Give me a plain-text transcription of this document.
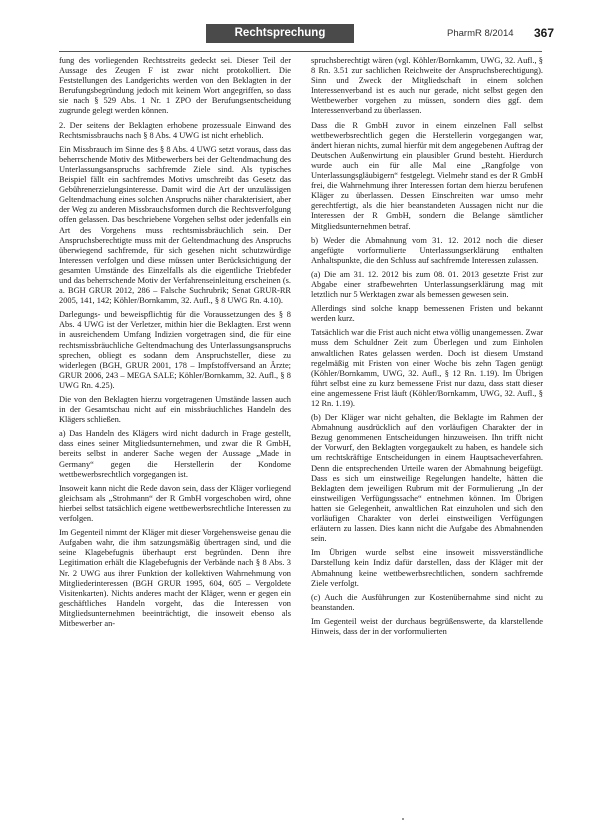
Rechtsprechung	PharmR 8/2014	367

fung des vorliegenden Rechtsstreits gedeckt sei. Dieser Teil der Aussage des Zeugen F ist zwar nicht protokolliert. Die Feststellungen des Landgerichts werden von den Beklagten in der Berufungsbegründung jedoch mit keinem Wort angegriffen, so dass sie nach § 529 Abs. 1 Nr. 1 ZPO der Berufungsentscheidung zugrunde gelegt werden können.

2. Der seitens der Beklagten erhobene prozessuale Einwand des Rechtsmissbrauchs nach § 8 Abs. 4 UWG ist nicht erheblich.

Ein Missbrauch im Sinne des § 8 Abs. 4 UWG setzt voraus, dass das beherrschende Motiv des Mitbewerbers bei der Geltendmachung des Unterlassungsanspruchs sachfremde Ziele sind. Als typisches Beispiel fällt ein sachfremdes Motivs umschreibt das Gesetz das Gebührenerzielungsinteresse. Damit wird die Art der unzulässigen Geltendmachung eines solchen Anspruchs näher charakterisiert, aber der Weg zu anderen Missbrauchsformen durch die Rechtsverfolgung offen gelassen. Das beschriebene Vorgehen selbst oder jedenfalls ein Art des Vorgehens muss rechtsmissbräuchlich sein. Der Anspruchsberechtigte muss mit der Geltendmachung des Anspruchs überwiegend sachfremde, für sich gesehen nicht schutzwürdige Interessen verfolgen und diese müssen unter Berücksichtigung der gesamten Umstände des Einzelfalls als die eigentliche Triebfeder und das beherrschende Motiv der Verfahrenseinleitung erscheinen (s. a. BGH GRUR 2012, 286 – Falsche Suchrubrik; Senat GRUR-RR 2005, 141, 142; Köhler/Bornkamm, 32. Aufl., § 8 UWG Rn. 4.10).

Darlegungs- und beweispflichtig für die Voraussetzungen des § 8 Abs. 4 UWG ist der Verletzer, mithin hier die Beklagten. Erst wenn in ausreichendem Umfang Indizien vorgetragen sind, die für eine rechtsmissbräuchliche Geltendmachung des Unterlassungsanspruchs sprechen, obliegt es sodann dem Anspruchsteller, diese zu widerlegen (BGH, GRUR 2001, 178 – Impfstoffversand an Ärzte; GRUR 2006, 243 – MEGA SALE; Köhler/Bornkamm, 32. Aufl., § 8 UWG Rn. 4.25).

Die von den Beklagten hierzu vorgetragenen Umstände lassen auch in der Gesamtschau nicht auf ein missbräuchliches Handeln des Klägers schließen.

a) Das Handeln des Klägers wird nicht dadurch in Frage gestellt, dass eines seiner Mitgliedsunternehmen, und zwar die R GmbH, bereits selbst in anderer Sache wegen der Aussage „Made in Germany“ gegen die Herstellerin der Kondome wettbewerbsrechtlich vorgegangen ist.

Insoweit kann nicht die Rede davon sein, dass der Kläger vorliegend gleichsam als „Strohmann“ der R GmbH vorgeschoben wird, ohne hierbei selbst tatsächlich eigene wettbewerbsrechtliche Interessen zu verfolgen.

Im Gegenteil nimmt der Kläger mit dieser Vorgehensweise genau die Aufgaben wahr, die ihm satzungsmäßig übertragen sind, und die seine Klagebefugnis überhaupt erst begründen. Denn ihre Legitimation erhält die Klagebefugnis der Verbände nach § 8 Abs. 3 Nr. 2 UWG aus ihrer Funktion der kollektiven Wahrnehmung von Mitgliederinteressen (BGH GRUR 1995, 604, 605 – Vergoldete Visitenkarten). Nichts anderes macht der Kläger, wenn er gegen ein geschäftliches Handeln vorgeht, das die Interessen von Mitgliedsunternehmen beeinträchtigt, die insoweit ebenso als Mitbewerber an-

spruchsberechtigt wären (vgl. Köhler/Bornkamm, UWG, 32. Aufl., § 8 Rn. 3.51 zur sachlichen Reichweite der Anspruchsberechtigung). Sinn und Zweck der Mitgliedschaft in einem solchen Interessenverband ist es auch nur gerade, nicht selbst gegen den Wettbewerber vorgehen zu müssen, sondern dies ggf. dem Interessenverband zu überlassen.

Dass die R GmbH zuvor in einem einzelnen Fall selbst wettbewerbsrechtlich gegen die Herstellerin vorgegangen war, ändert hieran nichts, zumal hierfür mit dem angegebenen Auftrag der Deutschen Außenwirtung ein plausibler Grund besteht. Hierdurch wurde auch ein für alle Mal eine „Rangfolge von Unterlassungsgläubigern“ festgelegt. Vielmehr stand es der R GmbH frei, die Wahrnehmung ihrer Interessen fortan dem hierzu berufenen Kläger zu überlassen. Dessen Einschreiten war umso mehr gerechtfertigt, als die hier beanstandeten Aussagen nicht nur die Interessen der R GmbH, sondern die Belange sämtlicher Mitgliedsunternehmen betraf.

b) Weder die Abmahnung vom 31. 12. 2012 noch die dieser angefügte vorformulierte Unterlassungserklärung enthalten Anhaltspunkte, die den Schluss auf sachfremde Interessen zulassen.

(a) Die am 31. 12. 2012 bis zum 08. 01. 2013 gesetzte Frist zur Abgabe einer strafbewehrten Unterlassungserklärung mag mit letztlich nur 5 Werktagen zwar als bemessen gewesen sein.

Allerdings sind solche knapp bemessenen Fristen und bekannt werden kurz.

Tatsächlich war die Frist auch nicht etwa völlig unangemessen. Zwar muss dem Schuldner Zeit zum Überlegen und zum Einholen anwaltlichen Rates gelassen werden. Doch ist diesem Umstand regelmäßig mit Fristen von einer Woche bis zehn Tagen genügt (Köhler/Bornkamm, UWG, 32. Aufl., § 12 Rn. 1.19). Im Übrigen führt selbst eine zu kurz bemessene Frist nur dazu, dass statt dieser eine angemessene Frist läuft (Köhler/Bornkamm, UWG, 32. Aufl., § 12 Rn. 1.19).

(b) Der Kläger war nicht gehalten, die Beklagte im Rahmen der Abmahnung ausdrücklich auf den vorläufigen Charakter der in Bezug genommenen Entscheidungen hinzuweisen. Ihn trifft nicht der Vorwurf, den Beklagten vorgegaukelt zu haben, es handele sich um rechtskräftige Entscheidungen in einem Hauptsacheverfahren. Denn die entsprechenden Urteile waren der Abmahnung beigefügt. Dass es sich um einstweilige Regelungen handelte, hätten die Beklagten dem jeweiligen Rubrum mit der Formulierung „In der einstweiligen Verfügungssache“ entnehmen können. Im Übrigen hatten sie Gelegenheit, anwaltlichen Rat einzuholen und sich den vorläufigen Charakter von derlei einstweiligen Verfügungen erläutern zu lassen. Dies kann nicht die Aufgabe des Abmahnenden sein.

Im Übrigen wurde selbst eine insoweit missverständliche Darstellung kein Indiz dafür darstellen, dass der Kläger mit der Abmahnung keine wettbewerbsrechtlichen, sondern sachfremde Ziele verfolgt.

(c) Auch die Ausführungen zur Kostenübernahme sind nicht zu beanstanden.

Im Gegenteil weist der durchaus begrüßenswerte, da klarstellende Hinweis, dass der in der vorformulierten
